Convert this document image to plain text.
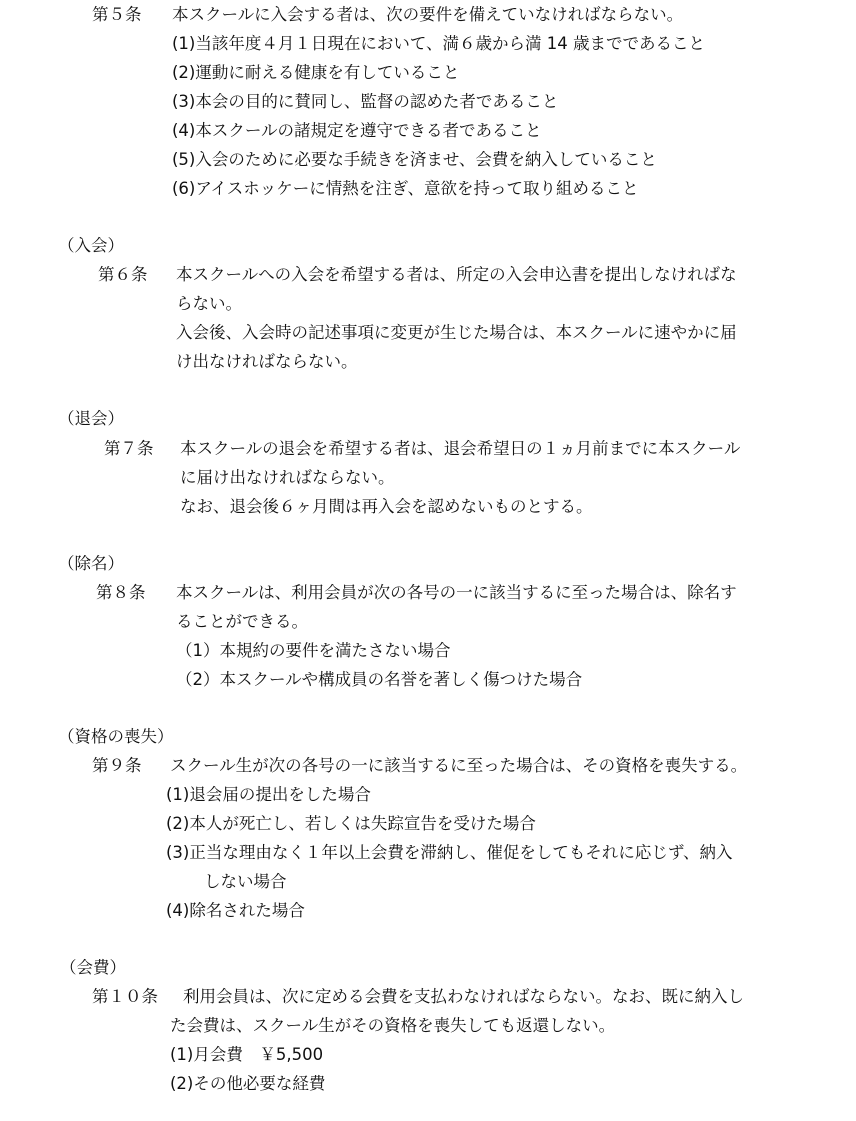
第５条 本スクールに入会する者は、次の要件を備えていなければならない。
(1)当該年度４月１日現在において、満６歳から満 14 歳までであること
(2)運動に耐える健康を有していること
(3)本会の目的に賛同し、監督の認めた者であること
(4)本スクールの諸規定を遵守できる者であること
(5)入会のために必要な手続きを済ませ、会費を納入していること
(6)アイスホッケーに情熱を注ぎ、意欲を持って取り組めること
（入会）
第６条 本スクールへの入会を希望する者は、所定の入会申込書を提出しなければな
らない。
入会後、入会時の記述事項に変更が生じた場合は、本スクールに速やかに届
け出なければならない。
（退会）
第７条 本スクールの退会を希望する者は、退会希望日の１ヵ月前までに本スクール
に届け出なければならない。
なお、退会後６ヶ月間は再入会を認めないものとする。
（除名）
第８条 本スクールは、利用会員が次の各号の一に該当するに至った場合は、除名す
ることができる。
（1）本規約の要件を満たさない場合
（2）本スクールや構成員の名誉を著しく傷つけた場合
（資格の喪失）
第９条 スクール生が次の各号の一に該当するに至った場合は、その資格を喪失する。
(1)退会届の提出をした場合
(2)本人が死亡し、若しくは失踪宣告を受けた場合
(3)正当な理由なく１年以上会費を滞納し、催促をしてもそれに応じず、納入
しない場合
(4)除名された場合
（会費）
第１０条 利用会員は、次に定める会費を支払わなければならない。なお、既に納入し
た会費は、スクール生がその資格を喪失しても返還しない。
(1)月会費　￥5,500
(2)その他必要な経費
